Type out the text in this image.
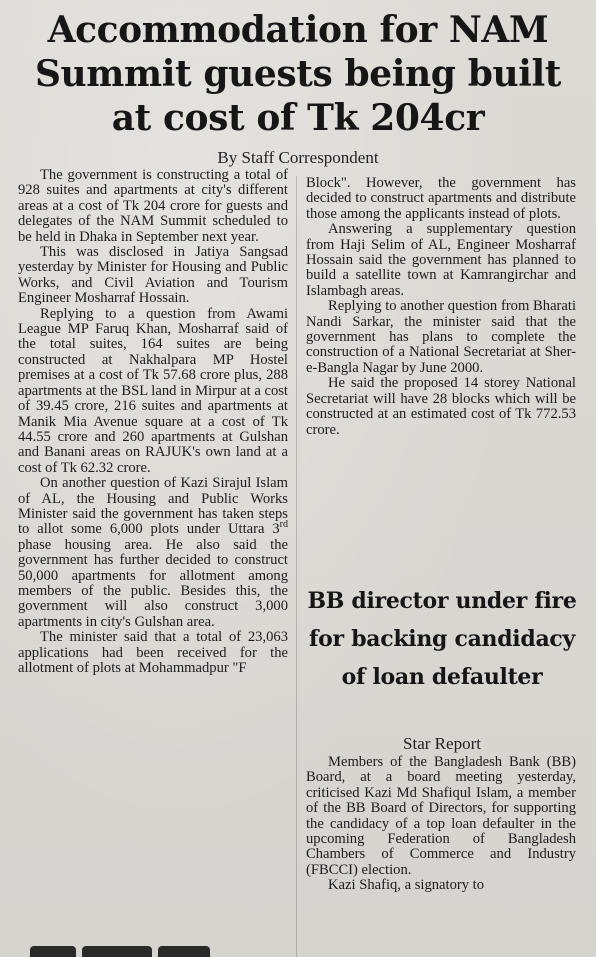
Accommodation for NAM Summit guests being built at cost of Tk 204cr
By Staff Correspondent

The government is constructing a total of 928 suites and apartments at city's different areas at a cost of Tk 204 crore for guests and delegates of the NAM Summit scheduled to be held in Dhaka in September next year.

This was disclosed in Jatiya Sangsad yesterday by Minister for Housing and Public Works, and Civil Aviation and Tourism Engineer Mosharraf Hossain.

Replying to a question from Awami League MP Faruq Khan, Mosharraf said of the total suites, 164 suites are being constructed at Nakhalpara MP Hostel premises at a cost of Tk 57.68 crore plus, 288 apartments at the BSL land in Mirpur at a cost of 39.45 crore, 216 suites and apartments at Manik Mia Avenue square at a cost of Tk 44.55 crore and 260 apartments at Gulshan and Banani areas on RAJUK's own land at a cost of Tk 62.32 crore.

On another question of Kazi Sirajul Islam of AL, the Housing and Public Works Minister said the government has taken steps to allot some 6,000 plots under Uttara 3rd phase housing area. He also said the government has further decided to construct 50,000 apartments for allotment among members of the public. Besides this, the government will also construct 3,000 apartments in city's Gulshan area.

The minister said that a total of 23,063 applications had been received for the allotment of plots at Mohammadpur "F

Block". However, the government has decided to construct apartments and distribute those among the applicants instead of plots.

Answering a supplementary question from Haji Selim of AL, Engineer Mosharraf Hossain said the government has planned to build a satellite town at Kamrangirchar and Islambagh areas.

Replying to another question from Bharati Nandi Sarkar, the minister said that the government has plans to complete the construction of a National Secretariat at Sher-e-Bangla Nagar by June 2000.

He said the proposed 14 storey National Secretariat will have 28 blocks which will be constructed at an estimated cost of Tk 772.53 crore.

BB director under fire for backing candidacy of loan defaulter
Star Report

Members of the Bangladesh Bank (BB) Board, at a board meeting yesterday, criticised Kazi Md Shafiqul Islam, a member of the BB Board of Directors, for supporting the candidacy of a top loan defaulter in the upcoming Federation of Bangladesh Chambers of Commerce and Industry (FBCCI) election.

Kazi Shafiq, a signatory to
